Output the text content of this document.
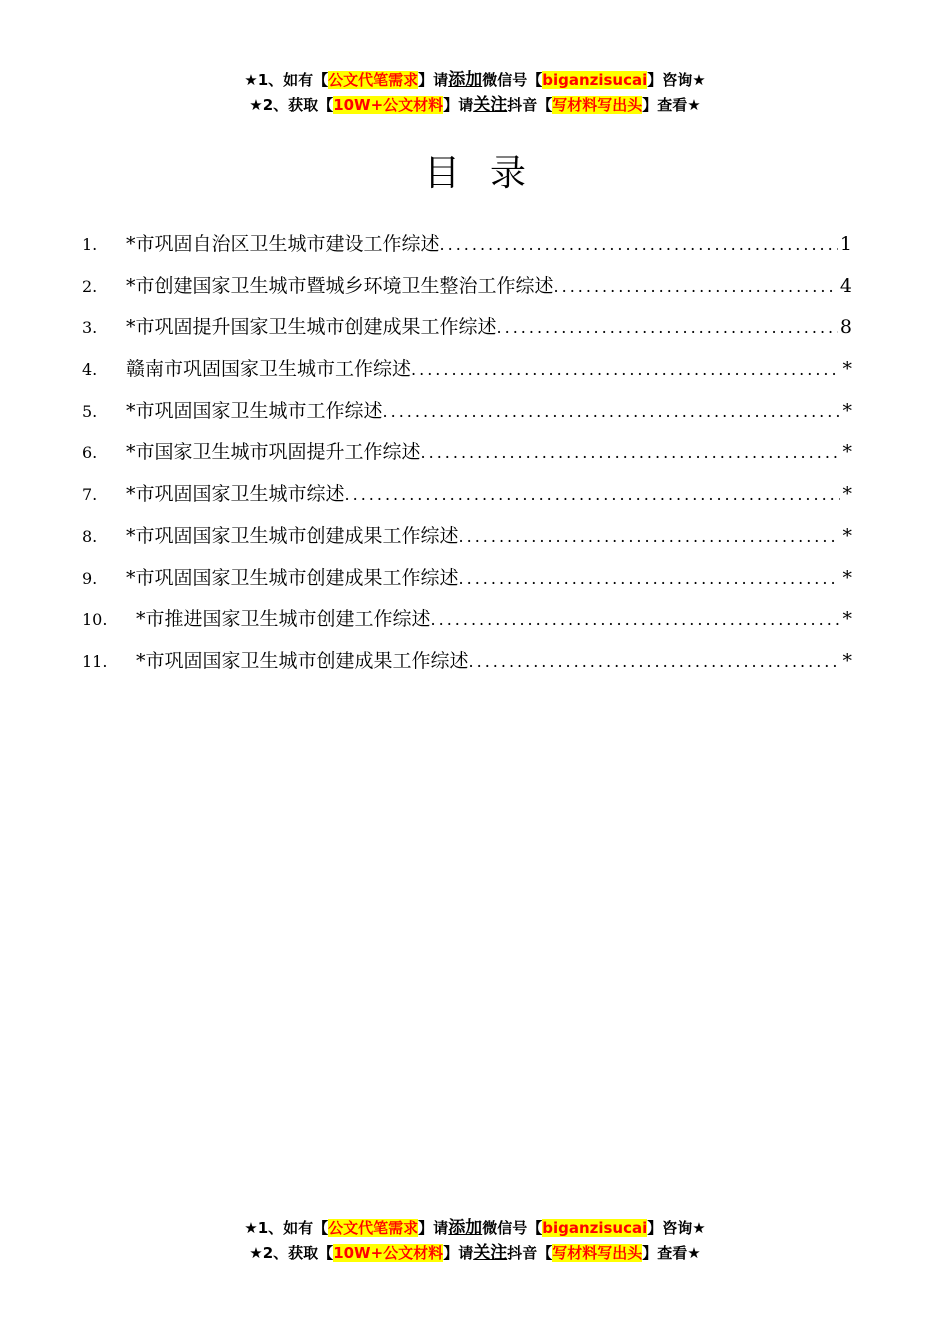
★1、如有【公文代笔需求】请添加微信号【biganzisucai】咨询★
★2、获取【10W+公文材料】请关注抖音【写材料写出头】查看★
目录
1.	*市巩固自治区卫生城市建设工作综述 .....	1
2.	*市创建国家卫生城市暨城乡环境卫生整治工作综述 .....	4
3.	*市巩固提升国家卫生城市创建成果工作综述 .....	8
4.	赣南市巩固国家卫生城市工作综述 .....	*
5.	*市巩固国家卫生城市工作综述 .....	*
6.	*市国家卫生城市巩固提升工作综述 .....	*
7.	*市巩固国家卫生城市综述 .....	*
8.	*市巩固国家卫生城市创建成果工作综述 .....	*
9.	*市巩固国家卫生城市创建成果工作综述 .....	*
10.	*市推进国家卫生城市创建工作综述 .....	*
11.	*市巩固国家卫生城市创建成果工作综述 .....	*
★1、如有【公文代笔需求】请添加微信号【biganzisucai】咨询★
★2、获取【10W+公文材料】请关注抖音【写材料写出头】查看★
